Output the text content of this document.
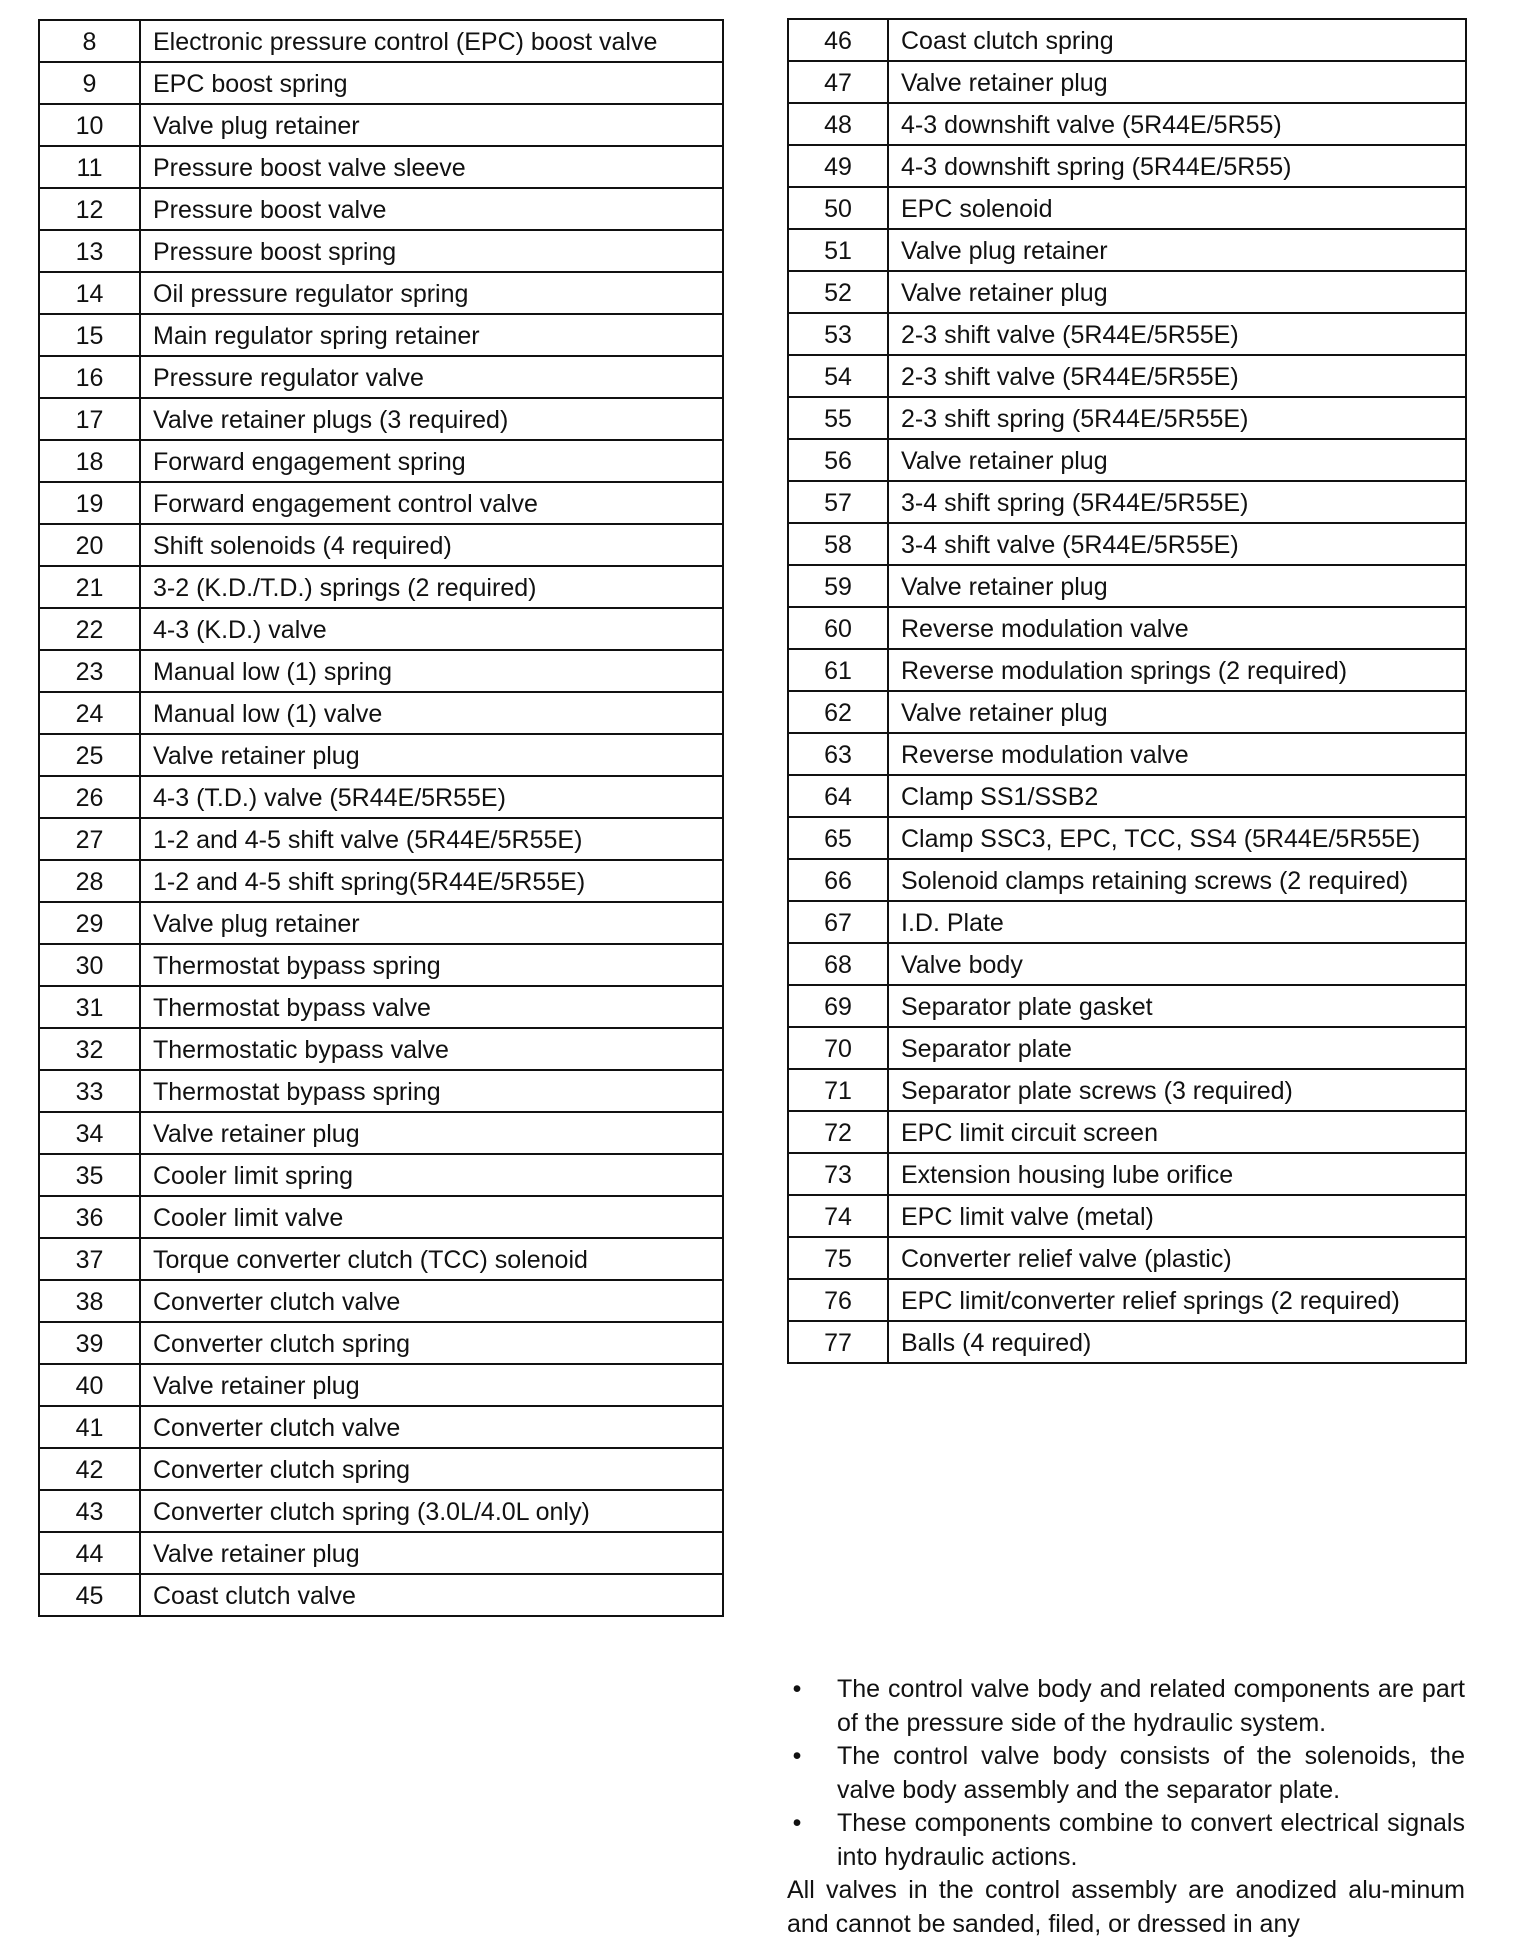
8	Electronic pressure control (EPC) boost valve
9	EPC boost spring
10	Valve plug retainer
11	Pressure boost valve sleeve
12	Pressure boost valve
13	Pressure boost spring
14	Oil pressure regulator spring
15	Main regulator spring retainer
16	Pressure regulator valve
17	Valve retainer plugs (3 required)
18	Forward engagement spring
19	Forward engagement control valve
20	Shift solenoids (4 required)
21	3-2 (K.D./T.D.) springs (2 required)
22	4-3 (K.D.) valve
23	Manual low (1) spring
24	Manual low (1) valve
25	Valve retainer plug
26	4-3 (T.D.) valve (5R44E/5R55E)
27	1-2 and 4-5 shift valve (5R44E/5R55E)
28	1-2 and 4-5 shift spring(5R44E/5R55E)
29	Valve plug retainer
30	Thermostat bypass spring
31	Thermostat bypass valve
32	Thermostatic bypass valve
33	Thermostat bypass spring
34	Valve retainer plug
35	Cooler limit spring
36	Cooler limit valve
37	Torque converter clutch (TCC) solenoid
38	Converter clutch valve
39	Converter clutch spring
40	Valve retainer plug
41	Converter clutch valve
42	Converter clutch spring
43	Converter clutch spring (3.0L/4.0L only)
44	Valve retainer plug
45	Coast clutch valve
46	Coast clutch spring
47	Valve retainer plug
48	4-3 downshift valve (5R44E/5R55)
49	4-3 downshift spring (5R44E/5R55)
50	EPC solenoid
51	Valve plug retainer
52	Valve retainer plug
53	2-3 shift valve (5R44E/5R55E)
54	2-3 shift valve (5R44E/5R55E)
55	2-3 shift spring (5R44E/5R55E)
56	Valve retainer plug
57	3-4 shift spring (5R44E/5R55E)
58	3-4 shift valve (5R44E/5R55E)
59	Valve retainer plug
60	Reverse modulation valve
61	Reverse modulation springs (2 required)
62	Valve retainer plug
63	Reverse modulation valve
64	Clamp SS1/SSB2
65	Clamp SSC3, EPC, TCC, SS4 (5R44E/5R55E)
66	Solenoid clamps retaining screws (2 required)
67	I.D. Plate
68	Valve body
69	Separator plate gasket
70	Separator plate
71	Separator plate screws (3 required)
72	EPC limit circuit screen
73	Extension housing lube orifice
74	EPC limit valve (metal)
75	Converter relief valve (plastic)
76	EPC limit/converter relief springs (2 required)
77	Balls (4 required)
• The control valve body and related components are part of the pressure side of the hydraulic system.
• The control valve body consists of the solenoids, the valve body assembly and the separator plate.
• These components combine to convert electrical signals into hydraulic actions.

All valves in the control assembly are anodized alu-minum and cannot be sanded, filed, or dressed in any
